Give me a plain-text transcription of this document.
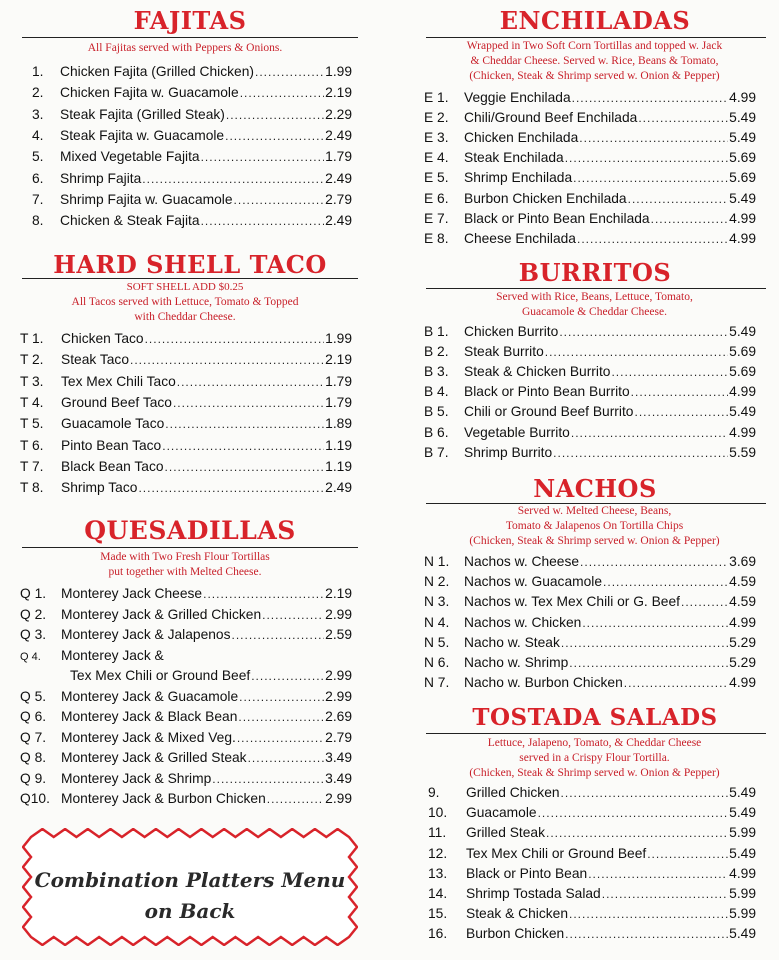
FAJITAS
All Fajitas served with Peppers & Onions.
1.	Chicken Fajita (Grilled Chicken) .....	1.99
2.	Chicken Fajita w. Guacamole .....	2.19
3.	Steak Fajita (Grilled Steak) .....	2.29
4.	Steak Fajita w. Guacamole .....	2.49
5.	Mixed Vegetable Fajita .....	1.79
6.	Shrimp Fajita .....	2.49
7.	Shrimp Fajita w. Guacamole .....	2.79
8.	Chicken & Steak Fajita .....	2.49
HARD SHELL TACO
SOFT SHELL ADD $0.25
All Tacos served with Lettuce, Tomato & Topped
with Cheddar Cheese.
T 1.	Chicken Taco .....	1.99
T 2.	Steak Taco .....	2.19
T 3.	Tex Mex Chili Taco .....	1.79
T 4.	Ground Beef Taco .....	1.79
T 5.	Guacamole Taco .....	1.89
T 6.	Pinto Bean Taco .....	1.19
T 7.	Black Bean Taco .....	1.19
T 8.	Shrimp Taco .....	2.49
QUESADILLAS
Made with Two Fresh Flour Tortillas
put together with Melted Cheese.
Q 1.	Monterey Jack Cheese .....	2.19
Q 2.	Monterey Jack & Grilled Chicken .....	2.99
Q 3.	Monterey Jack & Jalapenos .....	2.59
Q 4.	Monterey Jack &
Tex Mex Chili or Ground Beef .....	2.99
Q 5.	Monterey Jack & Guacamole .....	2.99
Q 6.	Monterey Jack & Black Bean .....	2.69
Q 7.	Monterey Jack & Mixed Veg. .....	2.79
Q 8.	Monterey Jack & Grilled Steak .....	3.49
Q 9.	Monterey Jack & Shrimp .....	3.49
Q10. Monterey Jack & Burbon Chicken .....	2.99
Combination Platters Menu
on Back
ENCHILADAS
Wrapped in Two Soft Corn Tortillas and topped w. Jack
& Cheddar Cheese. Served w. Rice, Beans & Tomato,
(Chicken, Steak & Shrimp served w. Onion & Pepper)
E 1.	Veggie Enchilada .....	4.99
E 2.	Chili/Ground Beef Enchilada .....	5.49
E 3.	Chicken Enchilada .....	5.49
E 4.	Steak Enchilada .....	5.69
E 5.	Shrimp Enchilada .....	5.69
E 6.	Burbon Chicken Enchilada .....	5.49
E 7.	Black or Pinto Bean Enchilada .....	4.99
E 8.	Cheese Enchilada .....	4.99
BURRITOS
Served with Rice, Beans, Lettuce, Tomato,
Guacamole & Cheddar Cheese.
B 1.	Chicken Burrito .....	5.49
B 2.	Steak Burrito .....	5.69
B 3.	Steak & Chicken Burrito .....	5.69
B 4.	Black or Pinto Bean Burrito .....	4.99
B 5.	Chili or Ground Beef Burrito .....	5.49
B 6.	Vegetable Burrito .....	4.99
B 7.	Shrimp Burrito .....	5.59
NACHOS
Served w. Melted Cheese, Beans,
Tomato & Jalapenos On Tortilla Chips
(Chicken, Steak & Shrimp served w. Onion & Pepper)
N 1.	Nachos w. Cheese .....	3.69
N 2.	Nachos w. Guacamole .....	4.59
N 3.	Nachos w. Tex Mex Chili or G. Beef .....	4.59
N 4.	Nachos w. Chicken .....	4.99
N 5.	Nacho w. Steak .....	5.29
N 6.	Nacho w. Shrimp .....	5.29
N 7.	Nacho w. Burbon Chicken .....	4.99
TOSTADA SALADS
Lettuce, Jalapeno, Tomato, & Cheddar Cheese
served in a Crispy Flour Tortilla.
(Chicken, Steak & Shrimp served w. Onion & Pepper)
9.	Grilled Chicken .....	5.49
10.	Guacamole .....	5.49
11.	Grilled Steak .....	5.99
12.	Tex Mex Chili or Ground Beef .....	5.49
13.	Black or Pinto Bean .....	4.99
14.	Shrimp Tostada Salad .....	5.99
15.	Steak & Chicken .....	5.99
16.	Burbon Chicken .....	5.49
